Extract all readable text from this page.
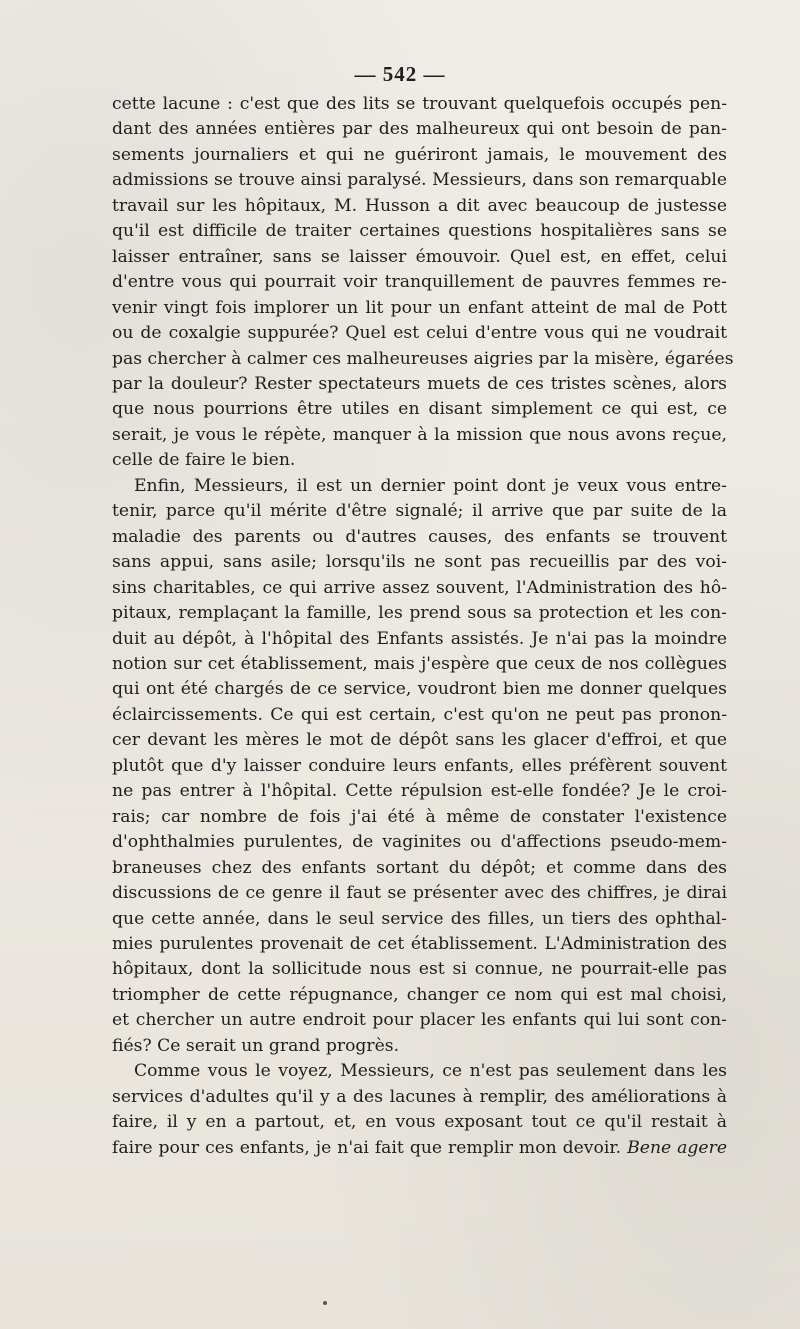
— 542 —
cette lacune : c'est que des lits se trouvant quelquefois occupés pen-
dant des années entières par des malheureux qui ont besoin de pan-
sements journaliers et qui ne guériront jamais, le mouvement des
admissions se trouve ainsi paralysé. Messieurs, dans son remarquable
travail sur les hôpitaux, M. Husson a dit avec beaucoup de justesse
qu'il est difficile de traiter certaines questions hospitalières sans se
laisser entraîner, sans se laisser émouvoir. Quel est, en effet, celui
d'entre vous qui pourrait voir tranquillement de pauvres femmes re-
venir vingt fois implorer un lit pour un enfant atteint de mal de Pott
ou de coxalgie suppurée? Quel est celui d'entre vous qui ne voudrait
pas chercher à calmer ces malheureuses aigries par la misère, égarées
par la douleur? Rester spectateurs muets de ces tristes scènes, alors
que nous pourrions être utiles en disant simplement ce qui est, ce
serait, je vous le répète, manquer à la mission que nous avons reçue,
celle de faire le bien.
Enfin, Messieurs, il est un dernier point dont je veux vous entre-
tenir, parce qu'il mérite d'être signalé; il arrive que par suite de la
maladie des parents ou d'autres causes, des enfants se trouvent
sans appui, sans asile; lorsqu'ils ne sont pas recueillis par des voi-
sins charitables, ce qui arrive assez souvent, l'Administration des hô-
pitaux, remplaçant la famille, les prend sous sa protection et les con-
duit au dépôt, à l'hôpital des Enfants assistés. Je n'ai pas la moindre
notion sur cet établissement, mais j'espère que ceux de nos collègues
qui ont été chargés de ce service, voudront bien me donner quelques
éclaircissements. Ce qui est certain, c'est qu'on ne peut pas pronon-
cer devant les mères le mot de dépôt sans les glacer d'effroi, et que
plutôt que d'y laisser conduire leurs enfants, elles préfèrent souvent
ne pas entrer à l'hôpital. Cette répulsion est-elle fondée? Je le croi-
rais; car nombre de fois j'ai été à même de constater l'existence
d'ophthalmies purulentes, de vaginites ou d'affections pseudo-mem-
braneuses chez des enfants sortant du dépôt; et comme dans des
discussions de ce genre il faut se présenter avec des chiffres, je dirai
que cette année, dans le seul service des filles, un tiers des ophthal-
mies purulentes provenait de cet établissement. L'Administration des
hôpitaux, dont la sollicitude nous est si connue, ne pourrait-elle pas
triompher de cette répugnance, changer ce nom qui est mal choisi,
et chercher un autre endroit pour placer les enfants qui lui sont con-
fiés? Ce serait un grand progrès.
Comme vous le voyez, Messieurs, ce n'est pas seulement dans les
services d'adultes qu'il y a des lacunes à remplir, des améliorations à
faire, il y en a partout, et, en vous exposant tout ce qu'il restait à
faire pour ces enfants, je n'ai fait que remplir mon devoir. Bene agere
